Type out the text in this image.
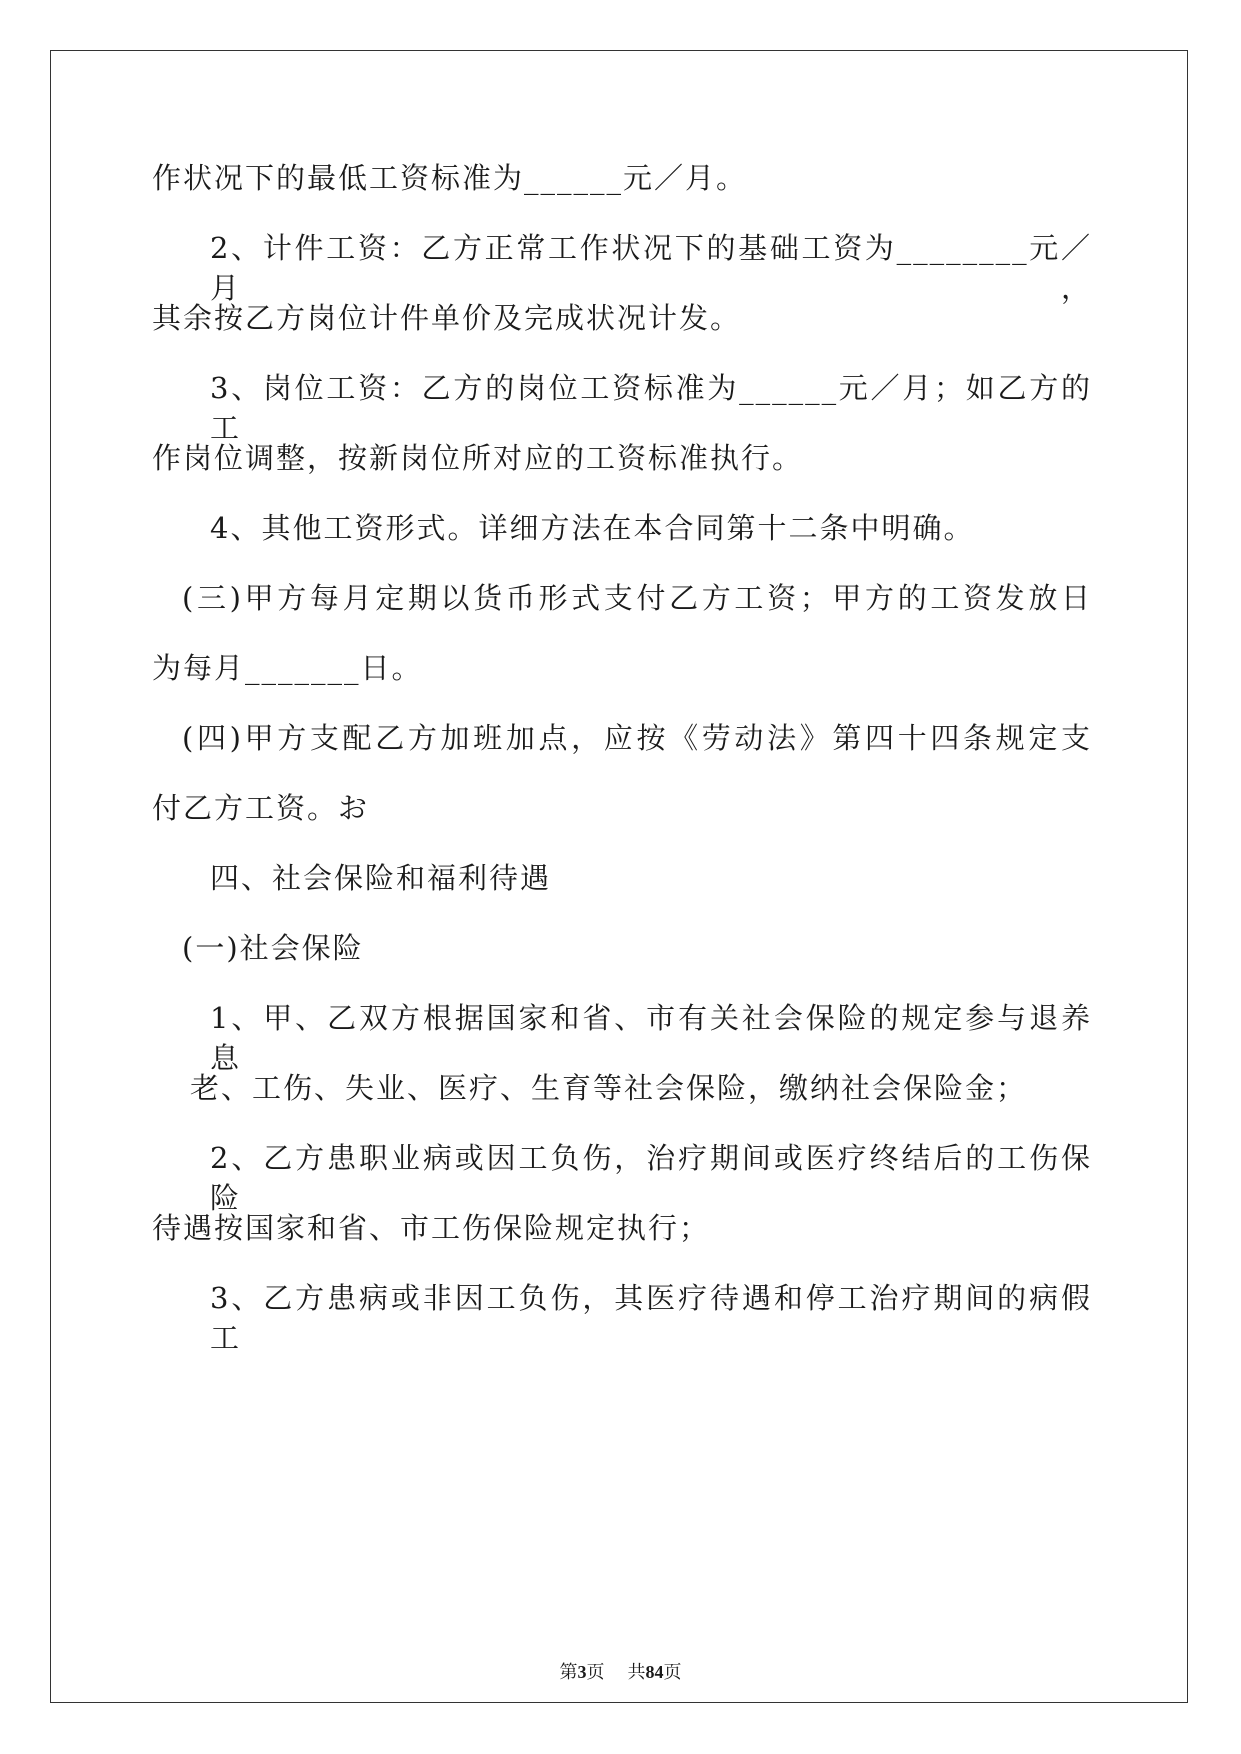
作状况下的最低工资标准为______元／月。
2、计件工资：乙方正常工作状况下的基础工资为________元／月，
其余按乙方岗位计件单价及完成状况计发。
3、岗位工资：乙方的岗位工资标准为______元／月；如乙方的工
作岗位调整，按新岗位所对应的工资标准执行。
4、其他工资形式。详细方法在本合同第十二条中明确。
(三)甲方每月定期以货币形式支付乙方工资；甲方的工资发放日
为每月_______日。
(四)甲方支配乙方加班加点，应按《劳动法》第四十四条规定支
付乙方工资。お
四、社会保险和福利待遇
(一)社会保险
1、甲、乙双方根据国家和省、市有关社会保险的规定参与退养息
老、工伤、失业、医疗、生育等社会保险，缴纳社会保险金；
2、乙方患职业病或因工负伤，治疗期间或医疗终结后的工伤保险
待遇按国家和省、市工伤保险规定执行；
3、乙方患病或非因工负伤，其医疗待遇和停工治疗期间的病假工
第3页 共84页
